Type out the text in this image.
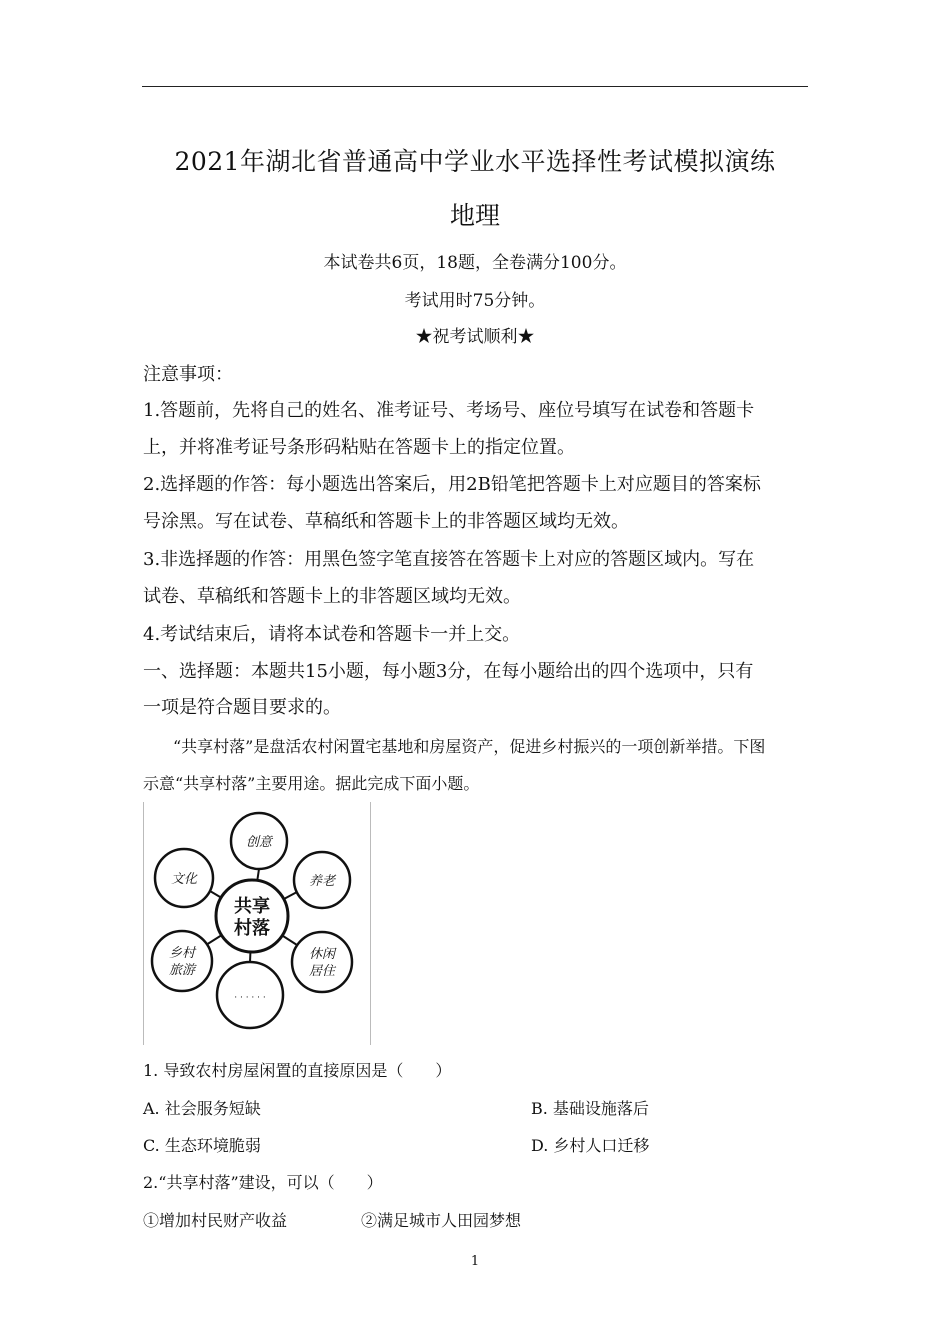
2021年湖北省普通高中学业水平选择性考试模拟演练
地理
本试卷共6页，18题，全卷满分100分。
考试用时75分钟。
★祝考试顺利★
注意事项：
1.答题前，先将自己的姓名、准考证号、考场号、座位号填写在试卷和答题卡
上，并将准考证号条形码粘贴在答题卡上的指定位置。
2.选择题的作答：每小题选出答案后，用2B铅笔把答题卡上对应题目的答案标
号涂黑。写在试卷、草稿纸和答题卡上的非答题区域均无效。
3.非选择题的作答：用黑色签字笔直接答在答题卡上对应的答题区域内。写在
试卷、草稿纸和答题卡上的非答题区域均无效。
4.考试结束后，请将本试卷和答题卡一并上交。
一、选择题：本题共15小题，每小题3分，在每小题给出的四个选项中，只有
一项是符合题目要求的。
“共享村落”是盘活农村闲置宅基地和房屋资产，促进乡村振兴的一项创新举措。下图
示意“共享村落”主要用途。据此完成下面小题。
共享
村落
创意
养老
休闲
居住
· · · · · ·
乡村
旅游
文化
1. 导致农村房屋闲置的直接原因是（　　）
A. 社会服务短缺	B. 基础设施落后
C. 生态环境脆弱	D. 乡村人口迁移
2.“共享村落”建设，可以（　　）
①增加村民财产收益	②满足城市人田园梦想
1
